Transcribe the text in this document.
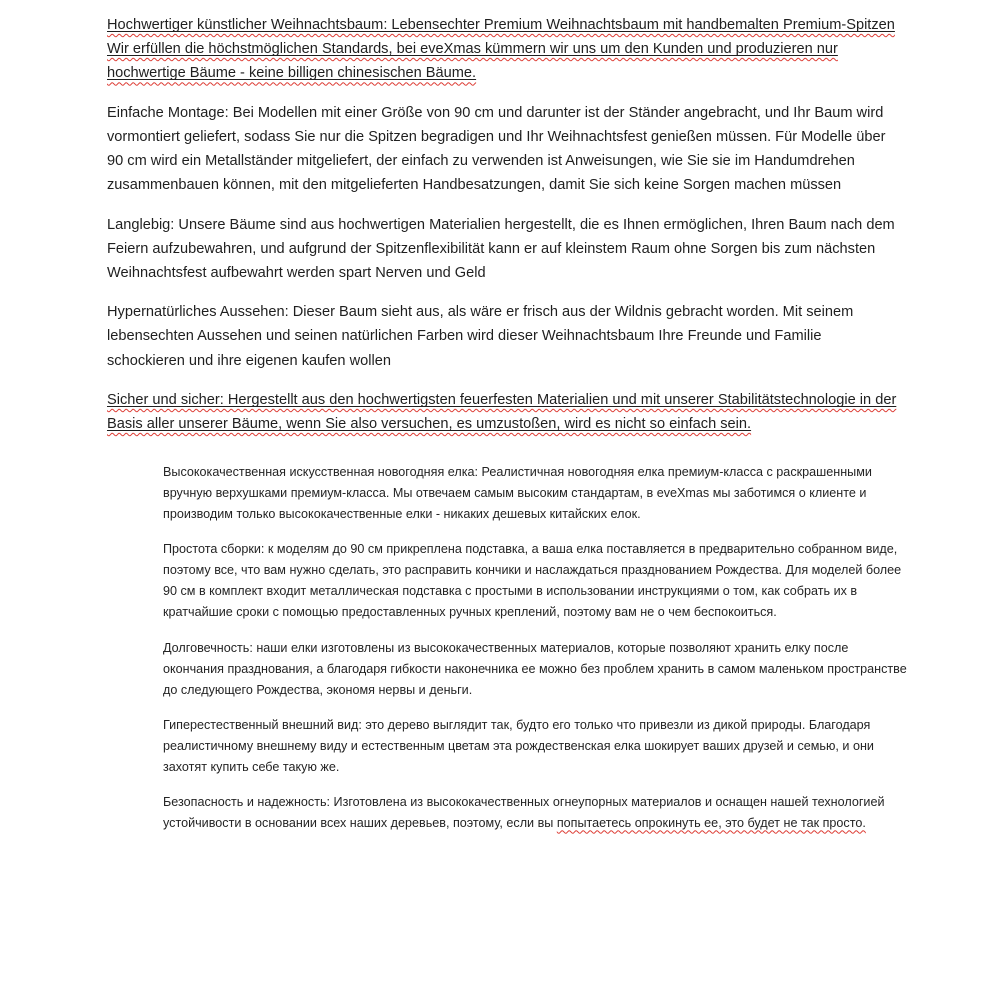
Hochwertiger künstlicher Weihnachtsbaum: Lebensechter Premium Weihnachtsbaum mit handbemalten Premium-Spitzen Wir erfüllen die höchstmöglichen Standards, bei eveXmas kümmern wir uns um den Kunden und produzieren nur hochwertige Bäume - keine billigen chinesischen Bäume.

Einfache Montage: Bei Modellen mit einer Größe von 90 cm und darunter ist der Ständer angebracht, und Ihr Baum wird vormontiert geliefert, sodass Sie nur die Spitzen begradigen und Ihr Weihnachtsfest genießen müssen. Für Modelle über 90 cm wird ein Metallständer mitgeliefert, der einfach zu verwenden ist Anweisungen, wie Sie sie im Handumdrehen zusammenbauen können, mit den mitgelieferten Handbesatzungen, damit Sie sich keine Sorgen machen müssen

Langlebig: Unsere Bäume sind aus hochwertigen Materialien hergestellt, die es Ihnen ermöglichen, Ihren Baum nach dem Feiern aufzubewahren, und aufgrund der Spitzenflexibilität kann er auf kleinstem Raum ohne Sorgen bis zum nächsten Weihnachtsfest aufbewahrt werden spart Nerven und Geld

Hypernatürliches Aussehen: Dieser Baum sieht aus, als wäre er frisch aus der Wildnis gebracht worden. Mit seinem lebensechten Aussehen und seinen natürlichen Farben wird dieser Weihnachtsbaum Ihre Freunde und Familie schockieren und ihre eigenen kaufen wollen

Sicher und sicher: Hergestellt aus den hochwertigsten feuerfesten Materialien und mit unserer Stabilitätstechnologie in der Basis aller unserer Bäume, wenn Sie also versuchen, es umzustoßen, wird es nicht so einfach sein.

Высококачественная искусственная новогодняя елка: Реалистичная новогодняя елка премиум-класса с раскрашенными вручную верхушками премиум-класса. Мы отвечаем самым высоким стандартам, в eveXmas мы заботимся о клиенте и производим только высококачественные елки - никаких дешевых китайских елок.

Простота сборки: к моделям до 90 см прикреплена подставка, а ваша елка поставляется в предварительно собранном виде, поэтому все, что вам нужно сделать, это расправить кончики и наслаждаться празднованием Рождества. Для моделей более 90 см в комплект входит металлическая подставка с простыми в использовании инструкциями о том, как собрать их в кратчайшие сроки с помощью предоставленных ручных креплений, поэтому вам не о чем беспокоиться.

Долговечность: наши елки изготовлены из высококачественных материалов, которые позволяют хранить елку после окончания празднования, а благодаря гибкости наконечника ее можно без проблем хранить в самом маленьком пространстве до следующего Рождества, экономя нервы и деньги.

Гиперестественный внешний вид: это дерево выглядит так, будто его только что привезли из дикой природы. Благодаря реалистичному внешнему виду и естественным цветам эта рождественская елка шокирует ваших друзей и семью, и они захотят купить себе такую же.

Безопасность и надежность: Изготовлена из высококачественных огнеупорных материалов и оснащен нашей технологией устойчивости в основании всех наших деревьев, поэтому, если вы попытаетесь опрокинуть ее, это будет не так просто.
